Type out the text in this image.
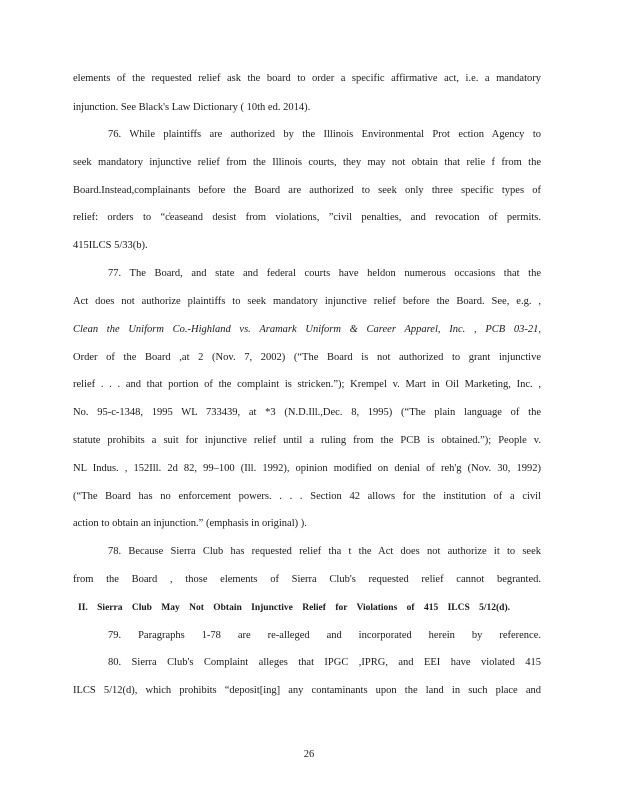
elements of the requested relief ask the board to order a specific affirmative act, i.e. a mandatory
injunction. See Black's Law Dictionary ( 10th ed. 2014).
76. While plaintiffs are authorized by the Illinois Environmental Prot ection Agency to
seek mandatory injunctive relief from the Illinois courts, they may not obtain that relie f from the
Board.Instead,complainants before the Board are authorized to seek only three specific types of
relief: orders to “c̓easeand desist from violations, ”civil penalties, and revocation of permits.
415ILCS 5/33(b).
77. The Board, and state and federal courts have heldon numerous occasions that the
Act does not authorize plaintiffs to seek mandatory injunctive relief before the Board. See, e.g. ,
Clean the Uniform Co.-Highland vs. Aramark Uniform & Career Apparel, Inc. , PCB 03-21,
Order of the Board ,at 2 (Nov. 7, 2002) (“The Board is not authorized to grant injunctive
relief . . . and that portion of the complaint is stricken.”); Krempel v. Mart in Oil Marketing, Inc. ,
No. 95-c-1348, 1995 WL 733439, at *3 (N.D.Ill.,Dec. 8, 1995) (“The plain language of the
statute prohibits a suit for injunctive relief until a ruling from the PCB is obtained.”); People v.
NL Indus. , 152Ill. 2d 82, 99–100 (Ill. 1992), opinion modified on denial of reh'g (Nov. 30, 1992)
(“The Board has no enforcement powers. . . . Section 42 allows for the institution of a civil
action to obtain an injunction.” (emphasis in original) ).
78. Because Sierra Club has requested relief tha t the Act does not authorize it to seek
from the Board , those elements of Sierra Club's requested relief cannot begranted.
II. Sierra Club May Not Obtain Injunctive Relief for Violations of 415 ILCS 5/12(d).
79. Paragraphs 1-78 are re-alleged and incorporated herein by reference.
80. Sierra Club's Complaint alleges that IPGC ,IPRG, and EEI have violated 415
ILCS 5/12(d), which prohibits “deposit[ing] any contaminants upon the land in such place and
26
